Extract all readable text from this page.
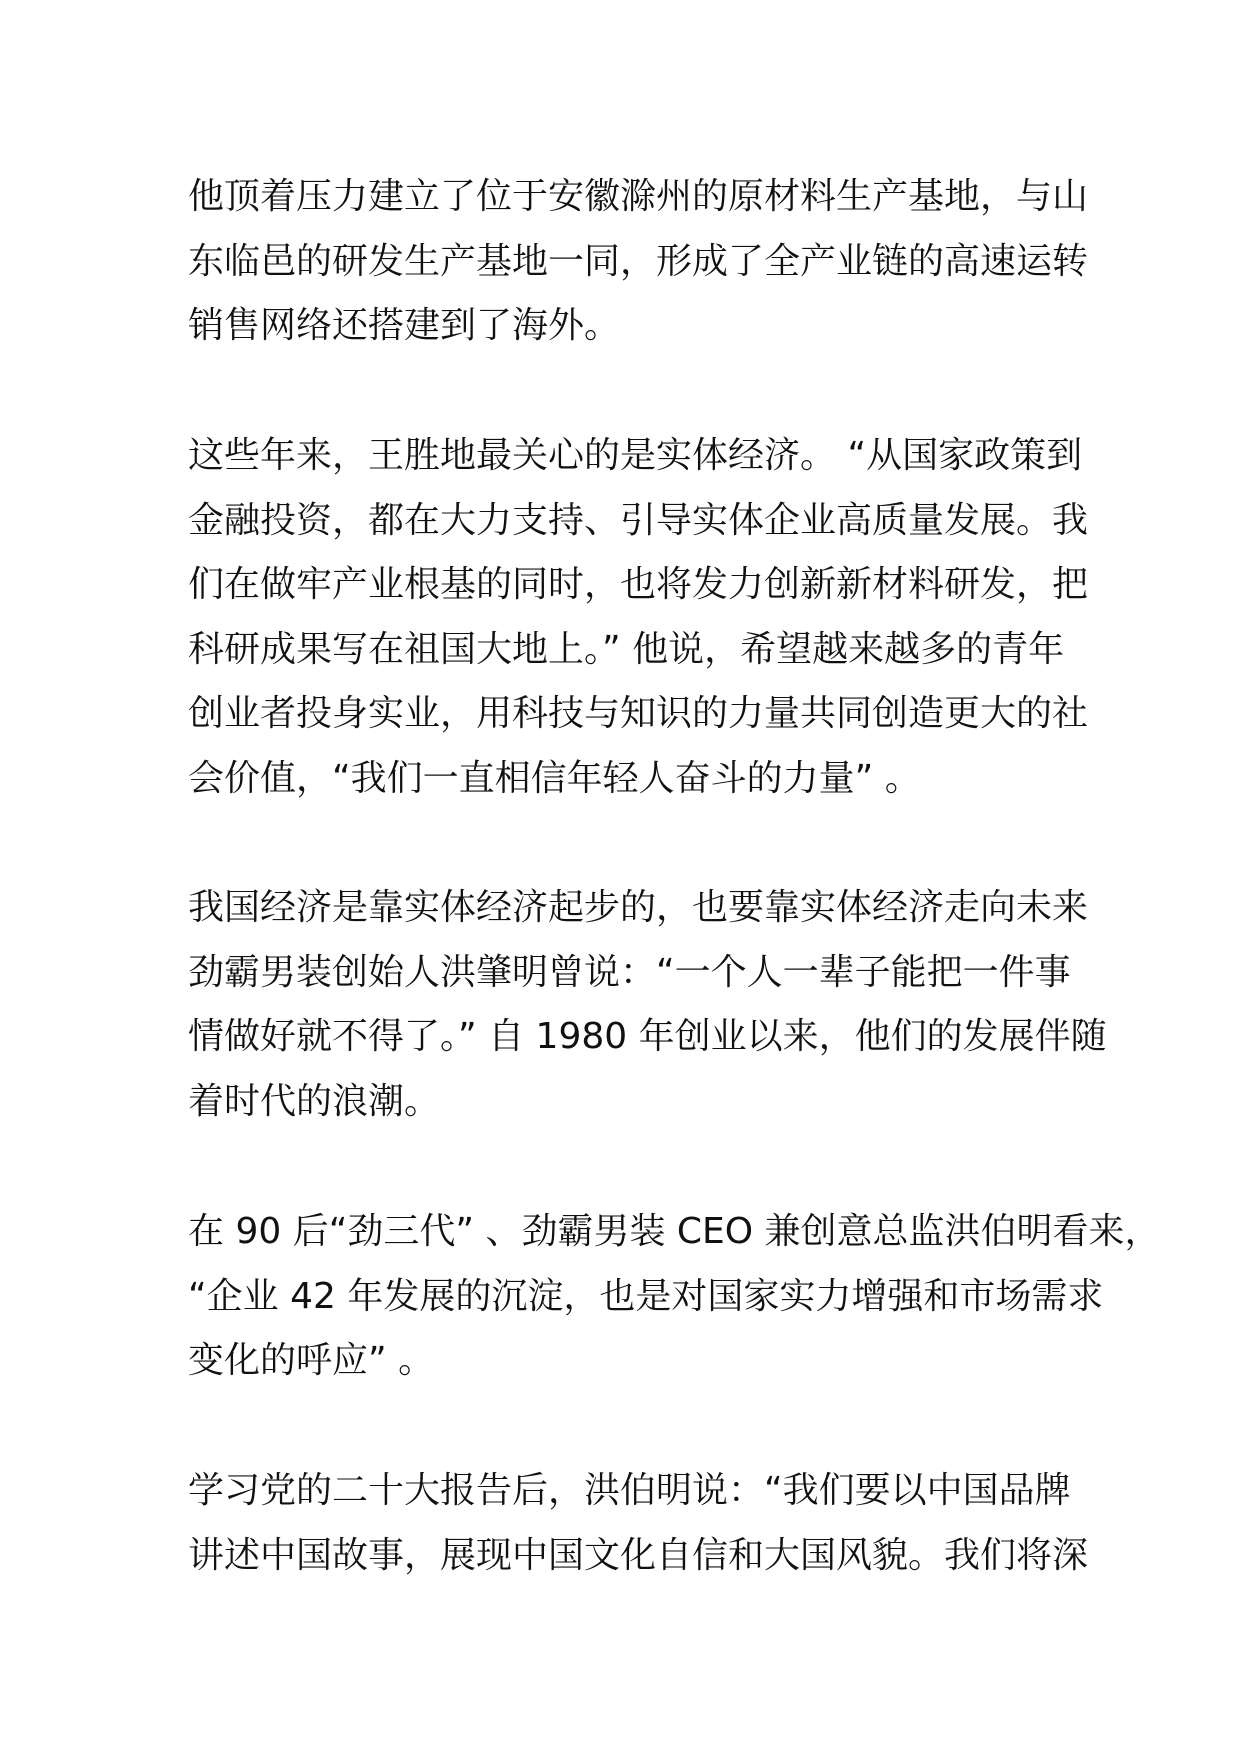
他顶着压力建立了位于安徽滁州的原材料生产基地，与山
东临邑的研发生产基地一同，形成了全产业链的高速运转
销售网络还搭建到了海外。
这些年来，王胜地最关心的是实体经济。 “从国家政策到
金融投资，都在大力支持、引导实体企业高质量发展。我
们在做牢产业根基的同时，也将发力创新新材料研发，把
科研成果写在祖国大地上。” 他说，希望越来越多的青年
创业者投身实业，用科技与知识的力量共同创造更大的社
会价值，“我们一直相信年轻人奋斗的力量” 。
我国经济是靠实体经济起步的，也要靠实体经济走向未来
劲霸男装创始人洪肇明曾说：“一个人一辈子能把一件事
情做好就不得了。” 自 1980 年创业以来，他们的发展伴随
着时代的浪潮。
在 90 后“劲三代” 、劲霸男装 CEO 兼创意总监洪伯明看来，
“企业 42 年发展的沉淀，也是对国家实力增强和市场需求
变化的呼应” 。
学习党的二十大报告后，洪伯明说：“我们要以中国品牌
讲述中国故事，展现中国文化自信和大国风貌。我们将深
